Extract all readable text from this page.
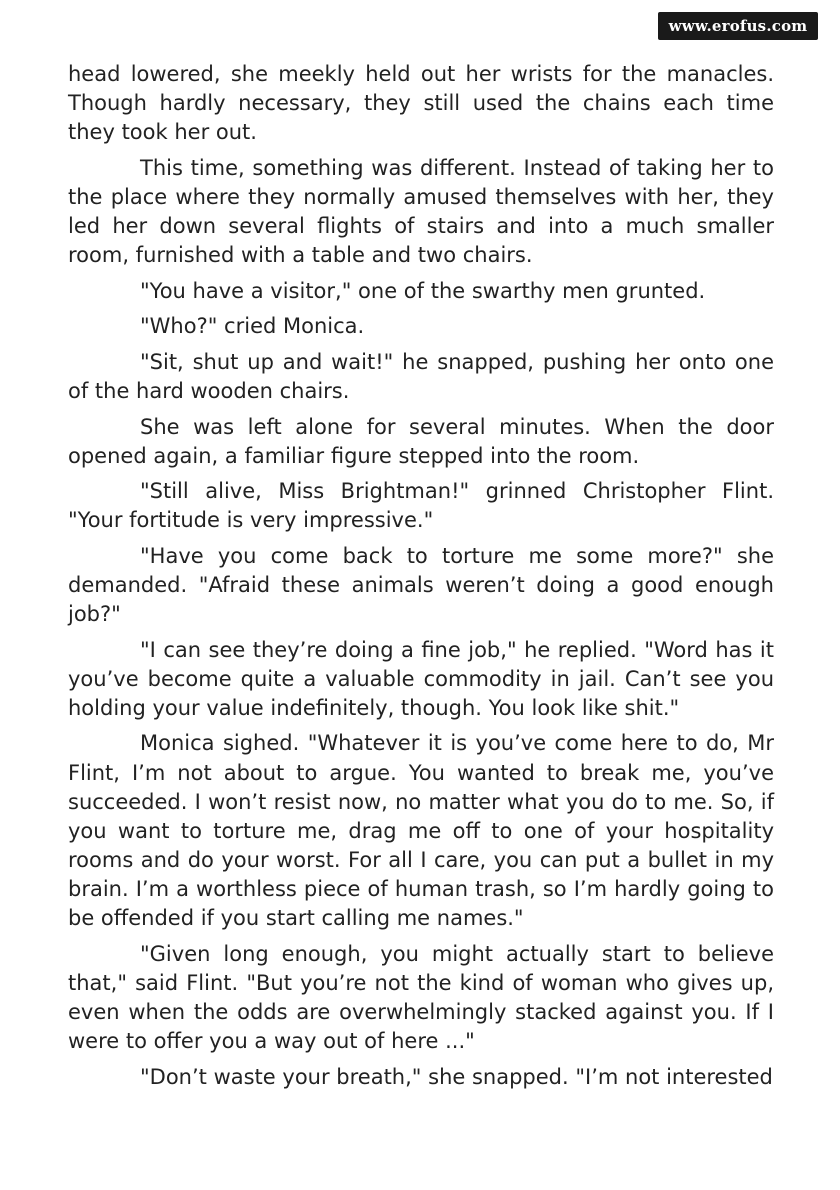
www.erofus.com

head lowered, she meekly held out her wrists for the manacles. Though hardly necessary, they still used the chains each time they took her out.

This time, something was different. Instead of taking her to the place where they normally amused themselves with her, they led her down several flights of stairs and into a much smaller room, furnished with a table and two chairs.

"You have a visitor," one of the swarthy men grunted.

"Who?" cried Monica.

"Sit, shut up and wait!" he snapped, pushing her onto one of the hard wooden chairs.

She was left alone for several minutes. When the door opened again, a familiar figure stepped into the room.

"Still alive, Miss Brightman!" grinned Christopher Flint. "Your fortitude is very impressive."

"Have you come back to torture me some more?" she demanded. "Afraid these animals weren’t doing a good enough job?"

"I can see they’re doing a fine job," he replied. "Word has it you’ve become quite a valuable commodity in jail. Can’t see you holding your value indefinitely, though. You look like shit."

Monica sighed. "Whatever it is you’ve come here to do, Mr Flint, I’m not about to argue. You wanted to break me, you’ve succeeded. I won’t resist now, no matter what you do to me. So, if you want to torture me, drag me off to one of your hospitality rooms and do your worst. For all I care, you can put a bullet in my brain. I’m a worthless piece of human trash, so I’m hardly going to be offended if you start calling me names."

"Given long enough, you might actually start to believe that," said Flint. "But you’re not the kind of woman who gives up, even when the odds are overwhelmingly stacked against you. If I were to offer you a way out of here ..."

"Don’t waste your breath," she snapped. "I’m not interested
